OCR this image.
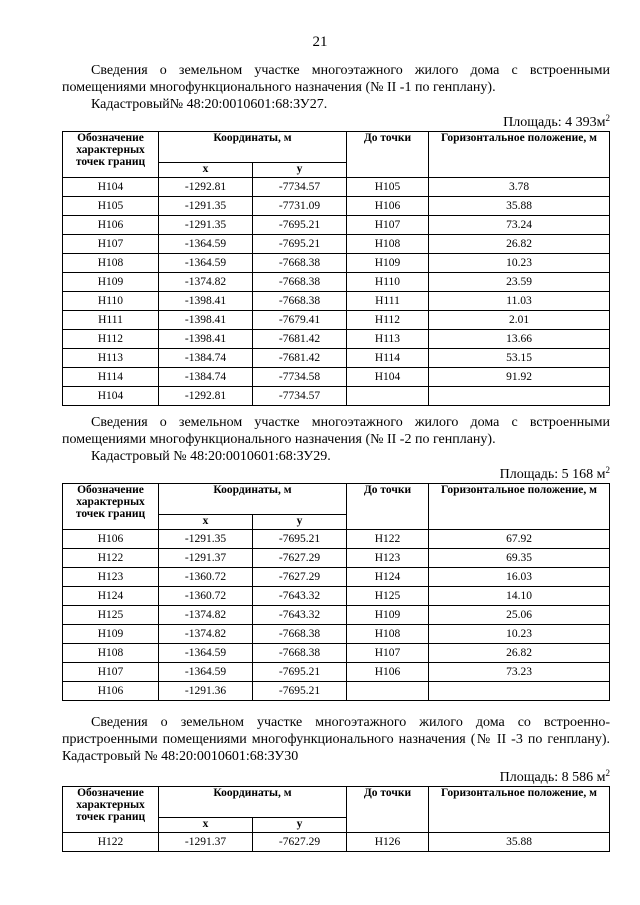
21

Сведения о земельном участке многоэтажного жилого дома с встроенными помещениями многофункционального назначения (№ II -1 по генплану).

Кадастровый№ 48:20:0010601:68:ЗУ27.

Площадь: 4 $393м^2$

Обозначение характерных точек границ	Координаты, м		До точки	Горизонтальное положение, м
	х	у		
Н104	-1292.81	-7734.57	Н105	3.78
Н105	-1291.35	-7731.09	Н106	35.88
Н106	-1291.35	-7695.21	Н107	73.24
Н107	-1364.59	-7695.21	Н108	26.82
Н108	-1364.59	-7668.38	Н109	10.23
Н109	-1374.82	-7668.38	Н110	23.59
Н110	-1398.41	-7668.38	Н111	11.03
Н111	-1398.41	-7679.41	Н112	2.01
Н112	-1398.41	-7681.42	Н113	13.66
Н113	-1384.74	-7681.42	Н114	53.15
Н114	-1384.74	-7734.58	Н104	91.92
Н104	-1292.81	-7734.57		

Сведения о земельном участке многоэтажного жилого дома с встроенными помещениями многофункционального назначения (№ II -2 по генплану).

Кадастровый № 48:20:0010601:68:ЗУ29.

Площадь: 5 168 $м^2$

Обозначение характерных точек границ	Координаты, м		До точки	Горизонтальное положение, м
	х	у		
Н106	-1291.35	-7695.21	Н122	67.92
Н122	-1291.37	-7627.29	Н123	69.35
Н123	-1360.72	-7627.29	Н124	16.03
Н124	-1360.72	-7643.32	Н125	14.10
Н125	-1374.82	-7643.32	Н109	25.06
Н109	-1374.82	-7668.38	Н108	10.23
Н108	-1364.59	-7668.38	Н107	26.82
Н107	-1364.59	-7695.21	Н106	73.23
Н106	-1291.36	-7695.21		

Сведения о земельном участке многоэтажного жилого дома со встроенно-пристроенными помещениями многофункционального назначения (№ II -3 по генплану). Кадастровый № 48:20:0010601:68:ЗУ30

Площадь: 8 586 $м^2$

Обозначение характерных точек границ	Координаты, м		До точки	Горизонтальное положение, м
	х	у		
Н122	-1291.37	-7627.29	Н126	35.88
